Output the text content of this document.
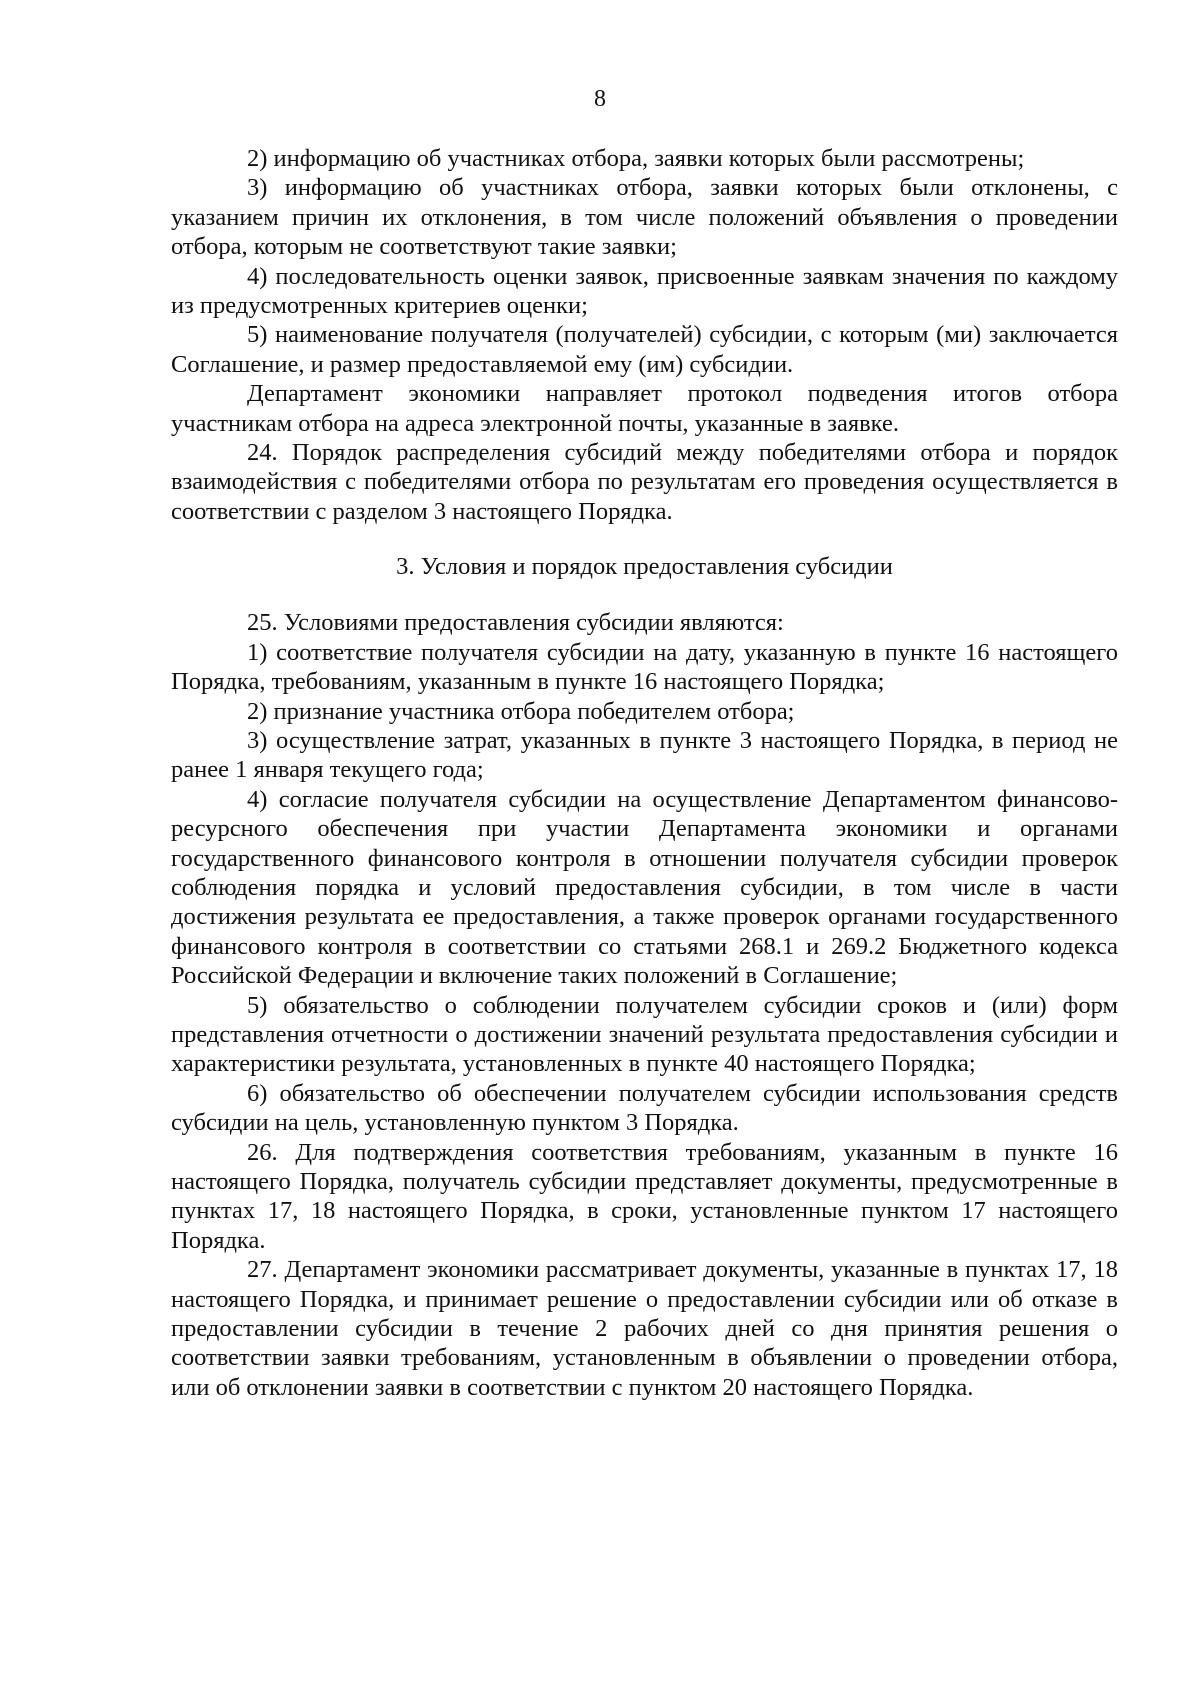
8

2) информацию об участниках отбора, заявки которых были рассмотрены;

3) информацию об участниках отбора, заявки которых были отклонены, с указанием причин их отклонения, в том числе положений объявления о проведении отбора, которым не соответствуют такие заявки;

4) последовательность оценки заявок, присвоенные заявкам значения по каждому из предусмотренных критериев оценки;

5) наименование получателя (получателей) субсидии, с которым (ми) заключается Соглашение, и размер предоставляемой ему (им) субсидии.

Департамент экономики направляет протокол подведения итогов отбора участникам отбора на адреса электронной почты, указанные в заявке.

24. Порядок распределения субсидий между победителями отбора и порядок взаимодействия с победителями отбора по результатам его проведения осуществляется в соответствии с разделом 3 настоящего Порядка.

3. Условия и порядок предоставления субсидии

25. Условиями предоставления субсидии являются:

1) соответствие получателя субсидии на дату, указанную в пункте 16 настоящего Порядка, требованиям, указанным в пункте 16 настоящего Порядка;

2) признание участника отбора победителем отбора;

3) осуществление затрат, указанных в пункте 3 настоящего Порядка, в период не ранее 1 января текущего года;

4) согласие получателя субсидии на осуществление Департаментом финансово-ресурсного обеспечения при участии Департамента экономики и органами государственного финансового контроля в отношении получателя субсидии проверок соблюдения порядка и условий предоставления субсидии, в том числе в части достижения результата ее предоставления, а также проверок органами государственного финансового контроля в соответствии со статьями 268.1 и 269.2 Бюджетного кодекса Российской Федерации и включение таких положений в Соглашение;

5) обязательство о соблюдении получателем субсидии сроков и (или) форм представления отчетности о достижении значений результата предоставления субсидии и характеристики результата, установленных в пункте 40 настоящего Порядка;

6) обязательство об обеспечении получателем субсидии использования средств субсидии на цель, установленную пунктом 3 Порядка.

26. Для подтверждения соответствия требованиям, указанным в пункте 16 настоящего Порядка, получатель субсидии представляет документы, предусмотренные в пунктах 17, 18 настоящего Порядка, в сроки, установленные пунктом 17 настоящего Порядка.

27. Департамент экономики рассматривает документы, указанные в пунктах 17, 18 настоящего Порядка, и принимает решение о предоставлении субсидии или об отказе в предоставлении субсидии в течение 2 рабочих дней со дня принятия решения о соответствии заявки требованиям, установленным в объявлении о проведении отбора, или об отклонении заявки в соответствии с пунктом 20 настоящего Порядка.
